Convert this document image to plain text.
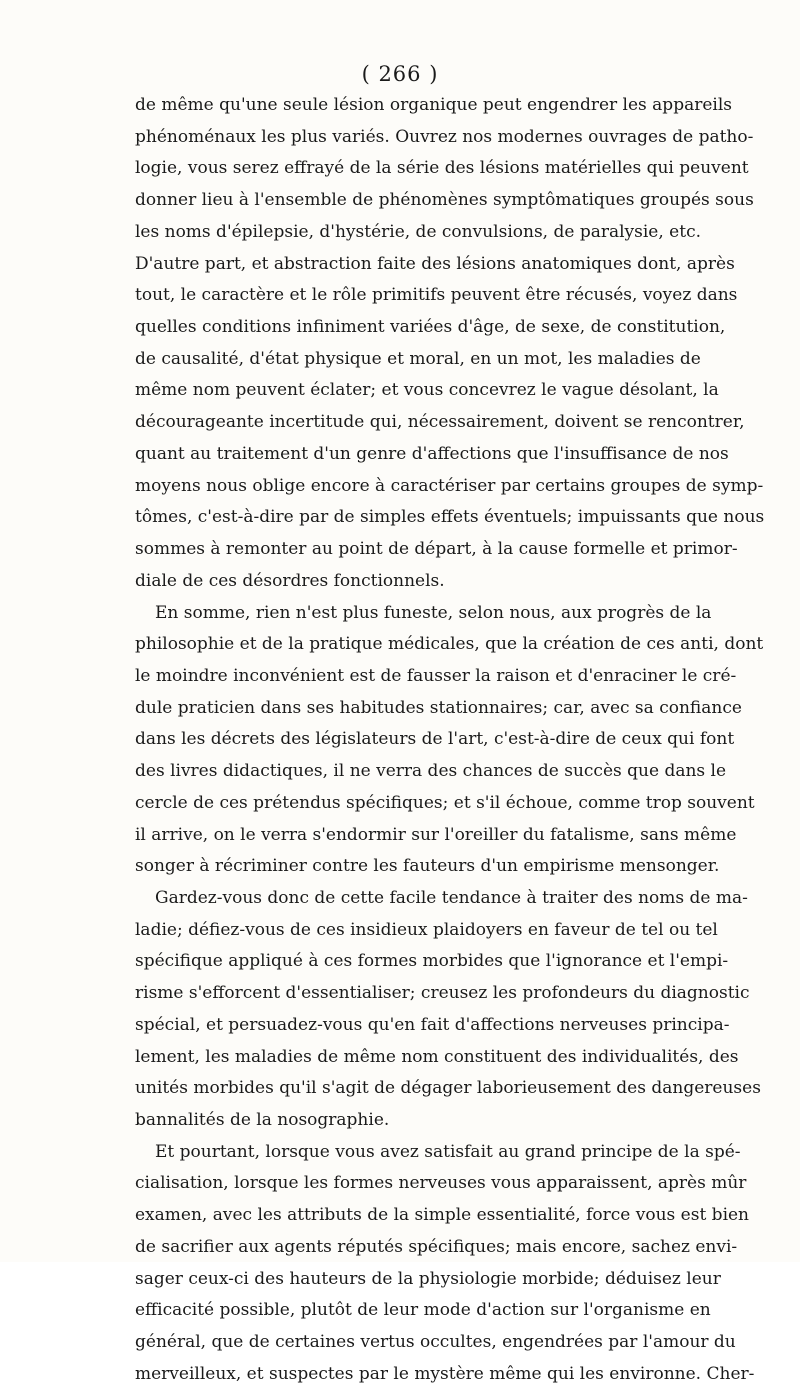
( 266 )
de même qu'une seule lésion organique peut engendrer les appareils
phénoménaux les plus variés. Ouvrez nos modernes ouvrages de patho-
logie, vous serez effrayé de la série des lésions matérielles qui peuvent
donner lieu à l'ensemble de phénomènes symptômatiques groupés sous
les noms d'épilepsie, d'hystérie, de convulsions, de paralysie, etc.
D'autre part, et abstraction faite des lésions anatomiques dont, après
tout, le caractère et le rôle primitifs peuvent être récusés, voyez dans
quelles conditions infiniment variées d'âge, de sexe, de constitution,
de causalité, d'état physique et moral, en un mot, les maladies de
même nom peuvent éclater; et vous concevrez le vague désolant, la
décourageante incertitude qui, nécessairement, doivent se rencontrer,
quant au traitement d'un genre d'affections que l'insuffisance de nos
moyens nous oblige encore à caractériser par certains groupes de symp-
tômes, c'est-à-dire par de simples effets éventuels; impuissants que nous
sommes à remonter au point de départ, à la cause formelle et primor-
diale de ces désordres fonctionnels.
En somme, rien n'est plus funeste, selon nous, aux progrès de la
philosophie et de la pratique médicales, que la création de ces anti, dont
le moindre inconvénient est de fausser la raison et d'enraciner le cré-
dule praticien dans ses habitudes stationnaires; car, avec sa confiance
dans les décrets des législateurs de l'art, c'est-à-dire de ceux qui font
des livres didactiques, il ne verra des chances de succès que dans le
cercle de ces prétendus spécifiques; et s'il échoue, comme trop souvent
il arrive, on le verra s'endormir sur l'oreiller du fatalisme, sans même
songer à récriminer contre les fauteurs d'un empirisme mensonger.
Gardez-vous donc de cette facile tendance à traiter des noms de ma-
ladie; défiez-vous de ces insidieux plaidoyers en faveur de tel ou tel
spécifique appliqué à ces formes morbides que l'ignorance et l'empi-
risme s'efforcent d'essentialiser; creusez les profondeurs du diagnostic
spécial, et persuadez-vous qu'en fait d'affections nerveuses principa-
lement, les maladies de même nom constituent des individualités, des
unités morbides qu'il s'agit de dégager laborieusement des dangereuses
bannalités de la nosographie.
Et pourtant, lorsque vous avez satisfait au grand principe de la spé-
cialisation, lorsque les formes nerveuses vous apparaissent, après mûr
examen, avec les attributs de la simple essentialité, force vous est bien
de sacrifier aux agents réputés spécifiques; mais encore, sachez envi-
sager ceux-ci des hauteurs de la physiologie morbide; déduisez leur
efficacité possible, plutôt de leur mode d'action sur l'organisme en
général, que de certaines vertus occultes, engendrées par l'amour du
merveilleux, et suspectes par le mystère même qui les environne. Cher-
